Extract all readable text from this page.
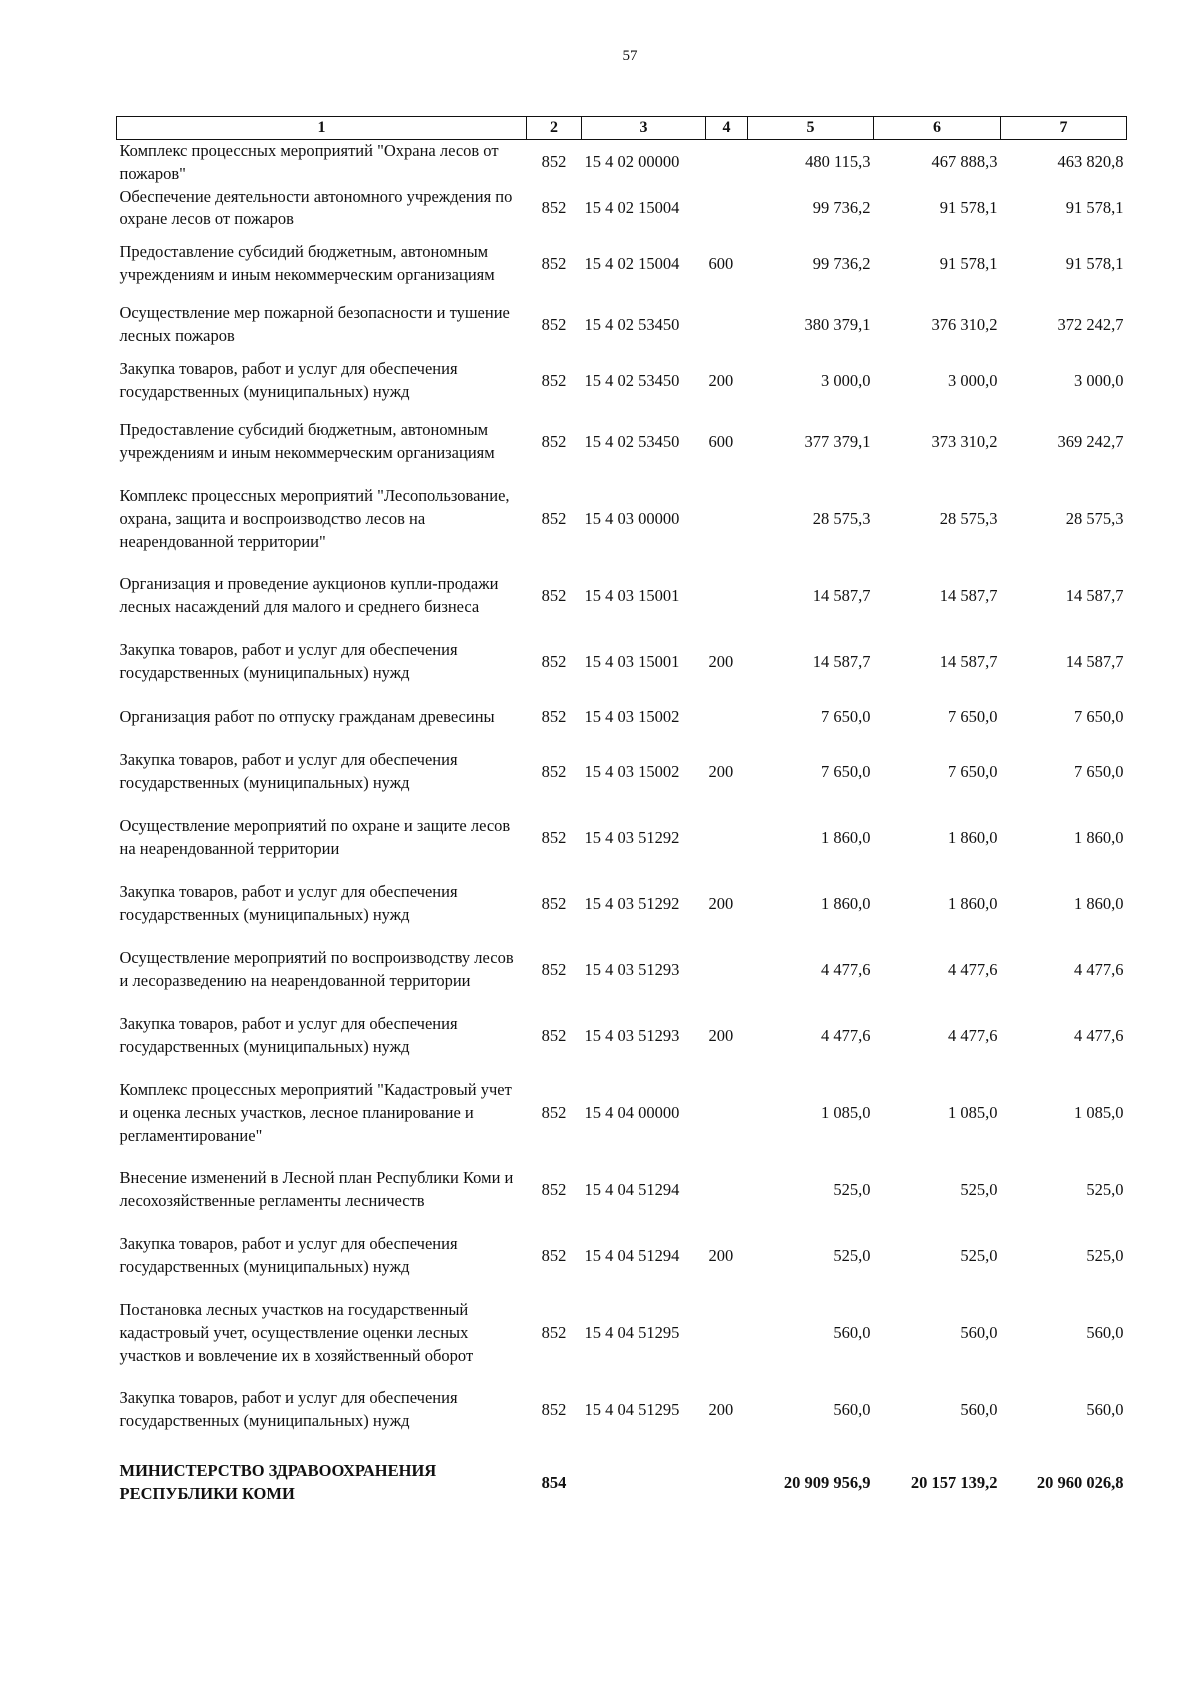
57
1	2	3	4	5	6	7
Комплекс процессных мероприятий "Охрана лесов от пожаров"	852	15 4 02 00000		480 115,3	467 888,3	463 820,8
Обеспечение деятельности автономного учреждения по охране лесов от пожаров	852	15 4 02 15004		99 736,2	91 578,1	91 578,1
Предоставление субсидий бюджетным, автономным учреждениям и иным некоммерческим организациям	852	15 4 02 15004	600	99 736,2	91 578,1	91 578,1
Осуществление мер пожарной безопасности и тушение лесных пожаров	852	15 4 02 53450		380 379,1	376 310,2	372 242,7
Закупка товаров, работ и услуг для обеспечения государственных (муниципальных) нужд	852	15 4 02 53450	200	3 000,0	3 000,0	3 000,0
Предоставление субсидий бюджетным, автономным учреждениям и иным некоммерческим организациям	852	15 4 02 53450	600	377 379,1	373 310,2	369 242,7
Комплекс процессных мероприятий "Лесопользование, охрана, защита и воспроизводство лесов на неарендованной территории"	852	15 4 03 00000		28 575,3	28 575,3	28 575,3
Организация и проведение аукционов купли-продажи лесных насаждений для малого и среднего бизнеса	852	15 4 03 15001		14 587,7	14 587,7	14 587,7
Закупка товаров, работ и услуг для обеспечения государственных (муниципальных) нужд	852	15 4 03 15001	200	14 587,7	14 587,7	14 587,7
Организация работ по отпуску гражданам древесины	852	15 4 03 15002		7 650,0	7 650,0	7 650,0
Закупка товаров, работ и услуг для обеспечения государственных (муниципальных) нужд	852	15 4 03 15002	200	7 650,0	7 650,0	7 650,0
Осуществление мероприятий по охране и защите лесов на неарендованной территории	852	15 4 03 51292		1 860,0	1 860,0	1 860,0
Закупка товаров, работ и услуг для обеспечения государственных (муниципальных) нужд	852	15 4 03 51292	200	1 860,0	1 860,0	1 860,0
Осуществление мероприятий по воспроизводству лесов и лесоразведению на неарендованной территории	852	15 4 03 51293		4 477,6	4 477,6	4 477,6
Закупка товаров, работ и услуг для обеспечения государственных (муниципальных) нужд	852	15 4 03 51293	200	4 477,6	4 477,6	4 477,6
Комплекс процессных мероприятий "Кадастровый учет и оценка лесных участков, лесное планирование и регламентирование"	852	15 4 04 00000		1 085,0	1 085,0	1 085,0
Внесение изменений в Лесной план Республики Коми и лесохозяйственные регламенты лесничеств	852	15 4 04 51294		525,0	525,0	525,0
Закупка товаров, работ и услуг для обеспечения государственных (муниципальных) нужд	852	15 4 04 51294	200	525,0	525,0	525,0
Постановка лесных участков на государственный кадастровый учет, осуществление оценки лесных участков и вовлечение их в хозяйственный оборот	852	15 4 04 51295		560,0	560,0	560,0
Закупка товаров, работ и услуг для обеспечения государственных (муниципальных) нужд	852	15 4 04 51295	200	560,0	560,0	560,0
МИНИСТЕРСТВО ЗДРАВООХРАНЕНИЯ РЕСПУБЛИКИ КОМИ	854			20 909 956,9	20 157 139,2	20 960 026,8
